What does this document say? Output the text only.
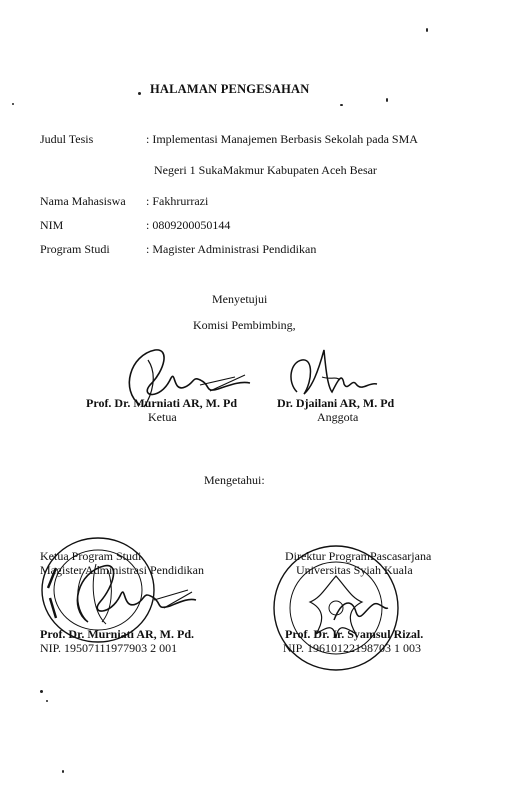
HALAMAN PENGESAHAN
Judul Tesis	: Implementasi Manajemen Berbasis Sekolah pada SMA
Negeri 1 SukaMakmur Kabupaten Aceh Besar
Nama Mahasiswa : Fakhrurrazi
NIM	: 0809200050144
Program Studi	: Magister Administrasi Pendidikan
Menyetujui
Komisi Pembimbing,
Prof. Dr. Murniati AR, M. Pd
Ketua
Dr. Djailani AR, M. Pd
Anggota
Mengetahui:
Ketua Program Studi
Magister Administrasi Pendidikan
Prof. Dr. Murniati AR, M. Pd.
NIP. 19507111977903 2 001
Direktur ProgramPascasarjana
Universitas Syiah Kuala
Prof. Dr. Ir. Syamsul Rizal.
NIP. 19610122198703 1 003
